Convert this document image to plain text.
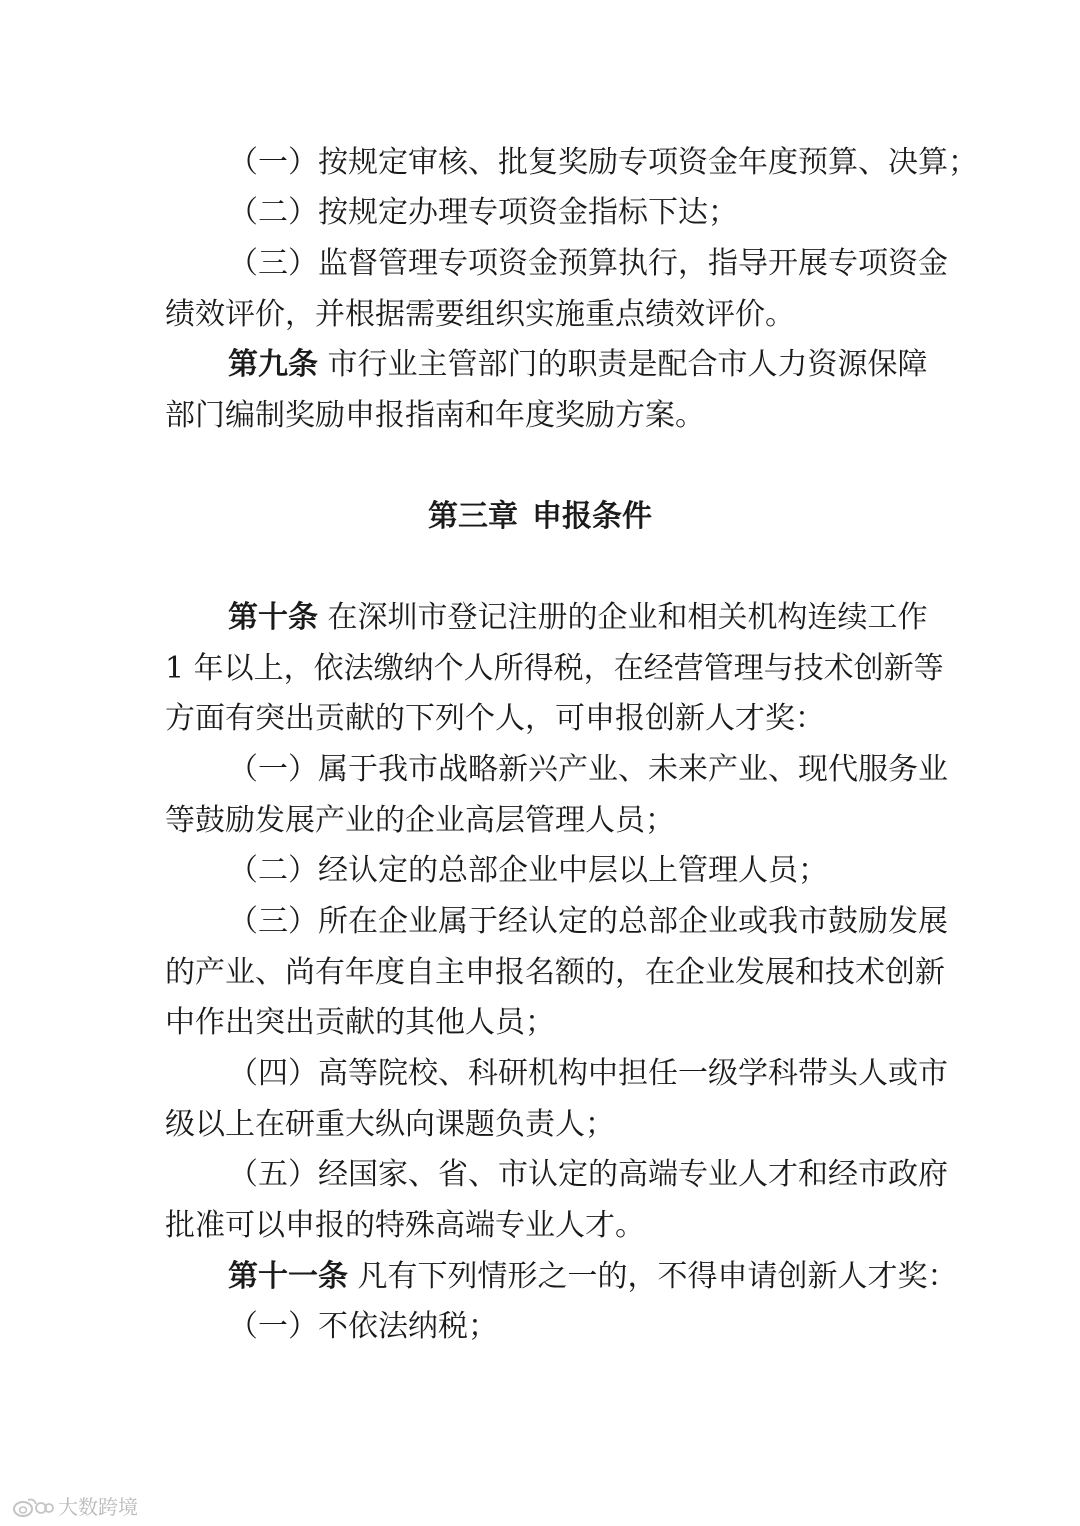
（一）按规定审核、批复奖励专项资金年度预算、决算；
（二）按规定办理专项资金指标下达；
（三）监督管理专项资金预算执行，指导开展专项资金
绩效评价，并根据需要组织实施重点绩效评价。
第九条 市行业主管部门的职责是配合市人力资源保障
部门编制奖励申报指南和年度奖励方案。
第三章 申报条件
第十条 在深圳市登记注册的企业和相关机构连续工作
1 年以上，依法缴纳个人所得税，在经营管理与技术创新等
方面有突出贡献的下列个人，可申报创新人才奖：
（一）属于我市战略新兴产业、未来产业、现代服务业
等鼓励发展产业的企业高层管理人员；
（二）经认定的总部企业中层以上管理人员；
（三）所在企业属于经认定的总部企业或我市鼓励发展
的产业、尚有年度自主申报名额的，在企业发展和技术创新
中作出突出贡献的其他人员；
（四）高等院校、科研机构中担任一级学科带头人或市
级以上在研重大纵向课题负责人；
（五）经国家、省、市认定的高端专业人才和经市政府
批准可以申报的特殊高端专业人才。
第十一条 凡有下列情形之一的，不得申请创新人才奖：
（一）不依法纳税；
大数跨境
